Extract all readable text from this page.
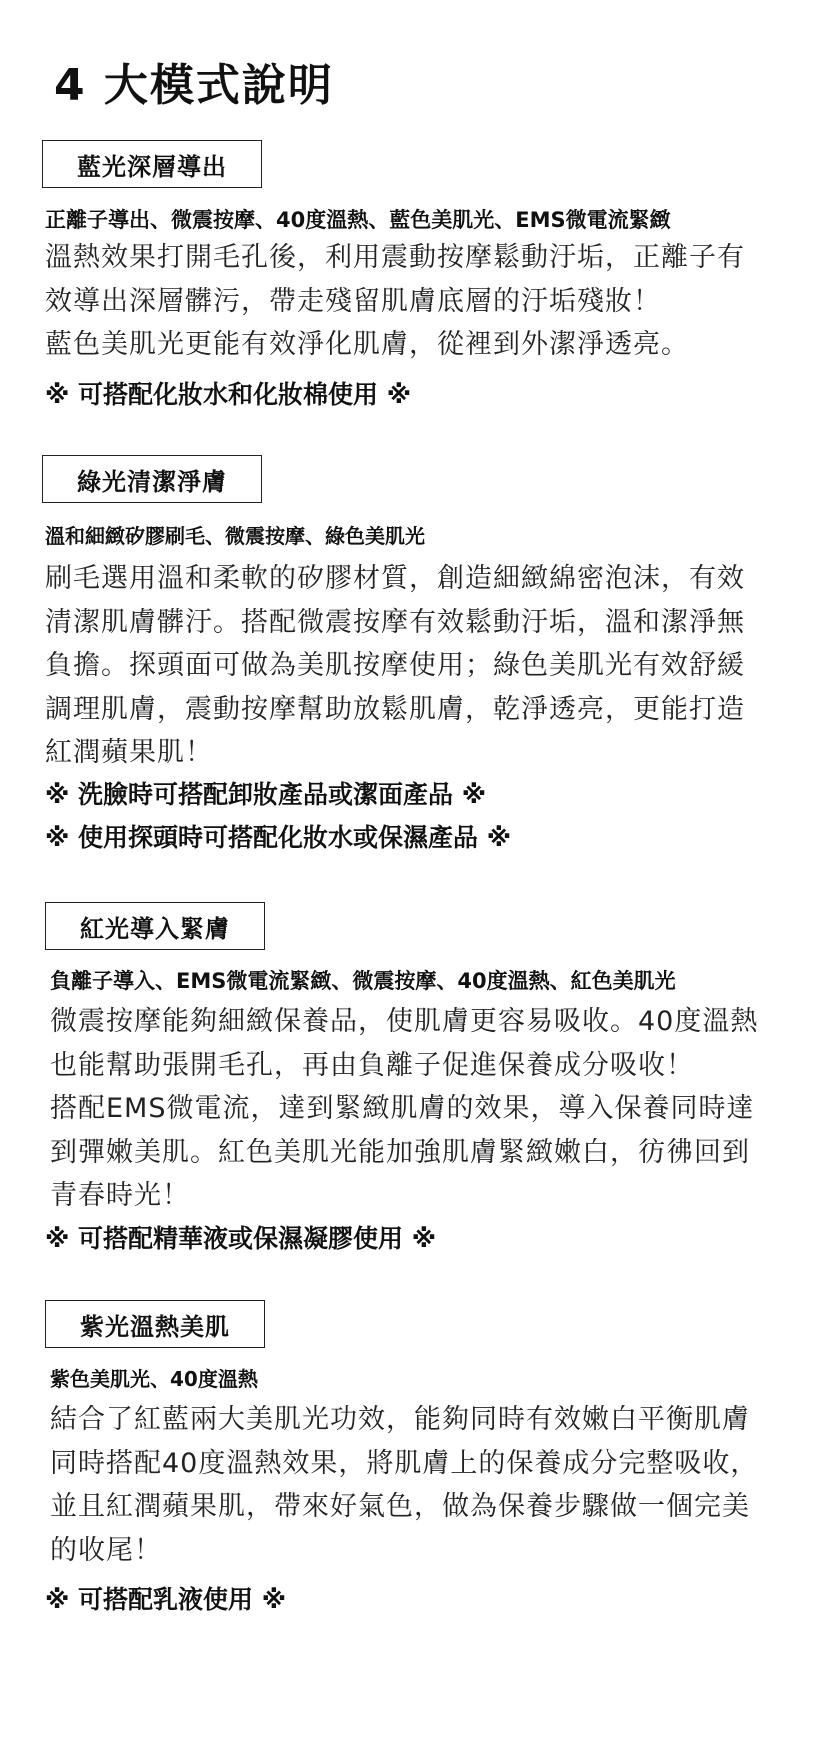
4 大模式說明
藍光深層導出
正離子導出、微震按摩、40度溫熱、藍色美肌光、EMS微電流緊緻
溫熱效果打開毛孔後，利用震動按摩鬆動汙垢，正離子有
效導出深層髒污，帶走殘留肌膚底層的汙垢殘妝！
藍色美肌光更能有效淨化肌膚，從裡到外潔淨透亮。
※ 可搭配化妝水和化妝棉使用 ※
綠光清潔淨膚
溫和細緻矽膠刷毛、微震按摩、綠色美肌光
刷毛選用溫和柔軟的矽膠材質，創造細緻綿密泡沫，有效
清潔肌膚髒汙。搭配微震按摩有效鬆動汙垢，溫和潔淨無
負擔。探頭面可做為美肌按摩使用；綠色美肌光有效舒緩
調理肌膚，震動按摩幫助放鬆肌膚，乾淨透亮，更能打造
紅潤蘋果肌！
※ 洗臉時可搭配卸妝產品或潔面產品 ※
※ 使用探頭時可搭配化妝水或保濕產品 ※
紅光導入緊膚
負離子導入、EMS微電流緊緻、微震按摩、40度溫熱、紅色美肌光
微震按摩能夠細緻保養品，使肌膚更容易吸收。40度溫熱
也能幫助張開毛孔，再由負離子促進保養成分吸收！
搭配EMS微電流，達到緊緻肌膚的效果，導入保養同時達
到彈嫩美肌。紅色美肌光能加強肌膚緊緻嫩白，彷彿回到
青春時光！
※ 可搭配精華液或保濕凝膠使用 ※
紫光溫熱美肌
紫色美肌光、40度溫熱
結合了紅藍兩大美肌光功效，能夠同時有效嫩白平衡肌膚
同時搭配40度溫熱效果，將肌膚上的保養成分完整吸收，
並且紅潤蘋果肌，帶來好氣色，做為保養步驟做一個完美
的收尾！
※ 可搭配乳液使用 ※
